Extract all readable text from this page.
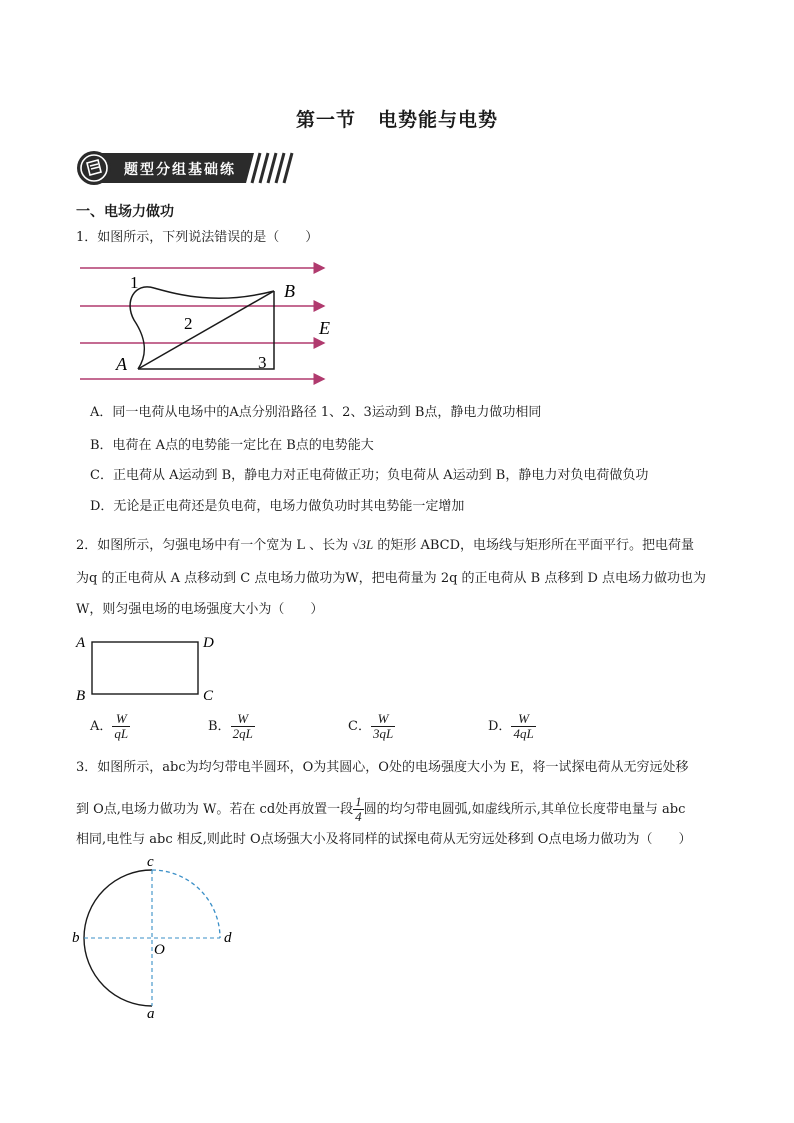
第一节 电势能与电势
题型分组基础练
一、电场力做功
1．如图所示，下列说法错误的是（　　）
1
2
3
A
B
E
A．同一电荷从电场中的A点分别沿路径 1、2、3运动到 B点，静电力做功相同
B．电荷在 A点的电势能一定比在 B点的电势能大
C．正电荷从 A运动到 B，静电力对正电荷做正功；负电荷从 A运动到 B，静电力对负电荷做负功
D．无论是正电荷还是负电荷，电场力做负功时其电势能一定增加
2．如图所示，匀强电场中有一个宽为 L 、长为 √3L 的矩形 ABCD，电场线与矩形所在平面平行。把电荷量
为q 的正电荷从 A 点移动到 C 点电场力做功为W，把电荷量为 2q 的正电荷从 B 点移到 D 点电场力做功也为
W，则匀强电场的电场强度大小为（　　）
A	D
B	C
A． $\frac{W}{qL}$	B． $\frac{W}{2qL}$	C． $\frac{W}{3qL}$	D． $\frac{W}{4qL}$
3．如图所示，abc为均匀带电半圆环，O为其圆心，O处的电场强度大小为 E，将一试探电荷从无穷远处移
到 O点,电场力做功为 W。若在 cd处再放置一段 $\frac{1}{4}$ 圆的均匀带电圆弧,如虚线所示,其单位长度带电量与 abc
相同,电性与 abc 相反,则此时 O点场强大小及将同样的试探电荷从无穷远处移到 O点电场力做功为（　　）
c
b	d
a
O
